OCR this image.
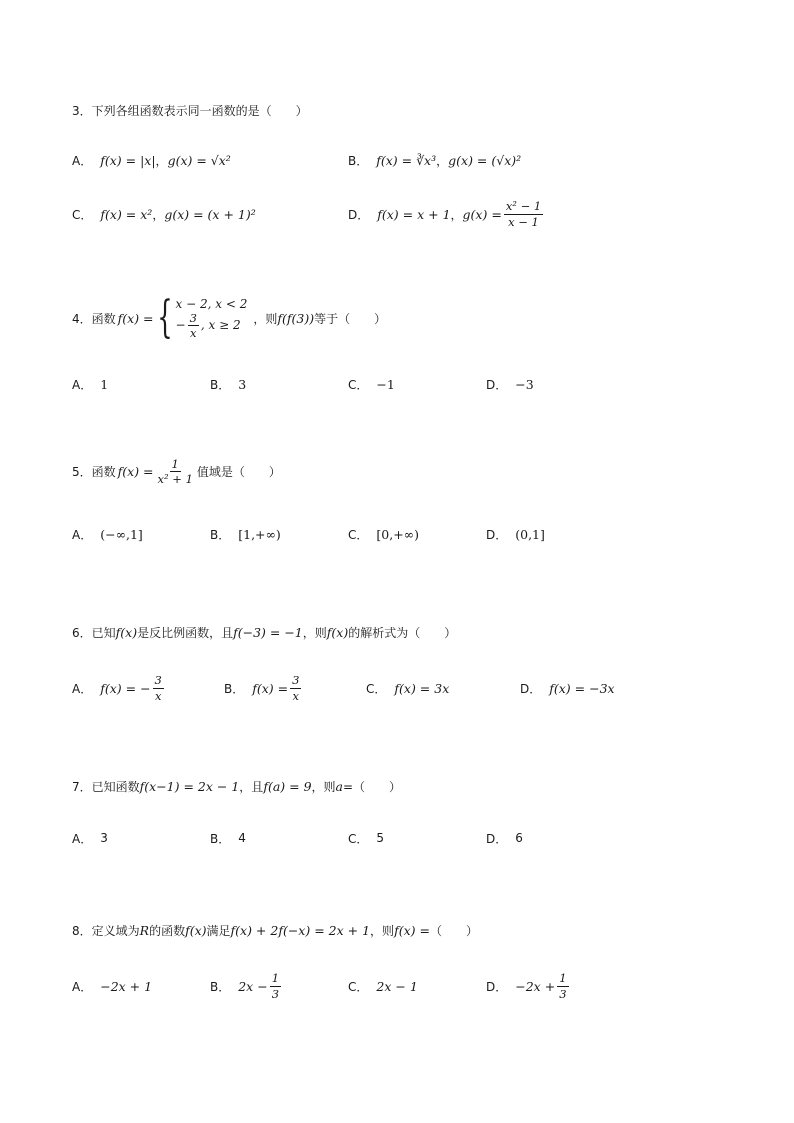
3．下列各组函数表示同一函数的是（　　）
A． f(x) = |x| ， g(x) = √x²	B． f(x) = ∛x³ ， g(x) = (√x)²
C． f(x) = x² ， g(x) = (x + 1)²	D． f(x) = x + 1 ， $g(x) = \frac{\text{x² − 1}}{x - 1}$
4．函数 f(x) = { x − 2, x < 2
− $\frac{3}{x}$ , x ≥ 2 ，则 f(f(3)) 等于（　　）
A． 1	B． 3	C． −1	D． −3
5．函数 $f(x) = \frac{1}{\text{x² + 1}}$ 值域是（　　）
A． (−∞,1]	B． [1,+∞)	C． [0,+∞)	D． (0,1]
6．已知 f(x) 是反比例函数，且 f(−3) = −1 ，则 f(x) 的解析式为（　　）
A． f(x) = − $\frac{3}{x}$	B． $f(x) = \frac{3}{x}$	C． f(x) = 3x	D． f(x) = −3x
7．已知函数 f(x−1) = 2x − 1 ，且 f(a) = 9 ，则 a =（　　）
A． 3	B． 4	C． 5	D． 6
8．定义域为 R 的函数 f(x) 满足 f(x) + 2f(−x) = 2x + 1 ，则 f(x) = （　　）
A． −2x + 1	B． $2x - \frac{1}{3}$	C． 2x − 1	D． $-2x + \frac{1}{3}$
